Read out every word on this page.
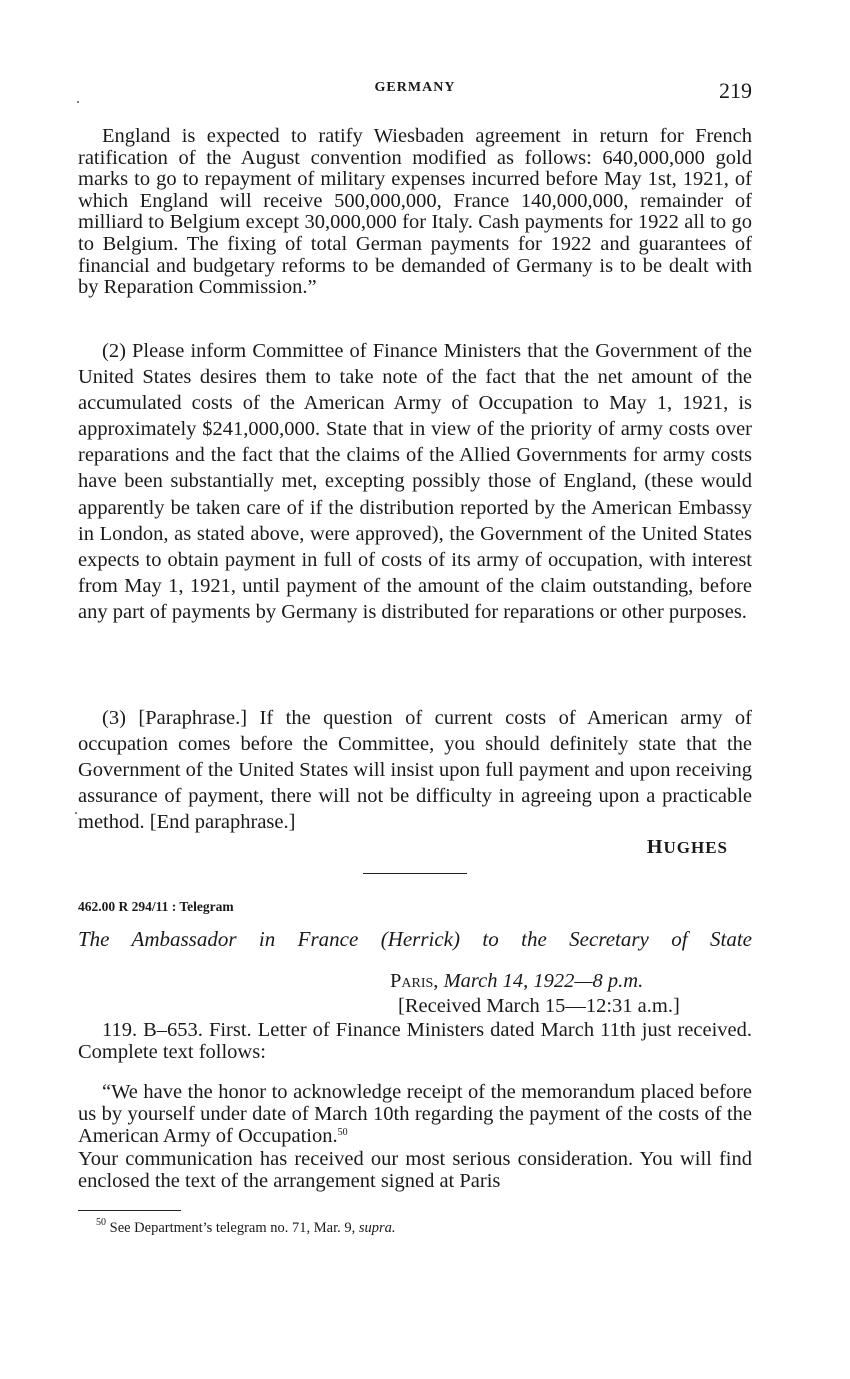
GERMANY	219

England is expected to ratify Wiesbaden agreement in return for French ratification of the August convention modified as follows: 640,000,000 gold marks to go to repayment of military expenses incurred before May 1st, 1921, of which England will receive 500,000,000, France 140,000,000, remainder of milliard to Belgium except 30,000,000 for Italy. Cash payments for 1922 all to go to Belgium. The fixing of total German payments for 1922 and guarantees of financial and budgetary reforms to be demanded of Germany is to be dealt with by Reparation Commission.”

(2) Please inform Committee of Finance Ministers that the Government of the United States desires them to take note of the fact that the net amount of the accumulated costs of the American Army of Occupation to May 1, 1921, is approximately $241,000,000. State that in view of the priority of army costs over reparations and the fact that the claims of the Allied Governments for army costs have been substantially met, excepting possibly those of England, (these would apparently be taken care of if the distribution reported by the American Embassy in London, as stated above, were approved), the Government of the United States expects to obtain payment in full of costs of its army of occupation, with interest from May 1, 1921, until payment of the amount of the claim outstanding, before any part of payments by Germany is distributed for reparations or other purposes.

(3) [Paraphrase.] If the question of current costs of American army of occupation comes before the Committee, you should definitely state that the Government of the United States will insist upon full payment and upon receiving assurance of payment, there will not be difficulty in agreeing upon a practicable method. [End paraphrase.]

HUGHES
462.00 R 294/11 : Telegram
The Ambassador in France (Herrick) to the Secretary of State
Paris, March 14, 1922—8 p.m.
[Received March 15—12:31 a.m.]

119. B–653. First. Letter of Finance Ministers dated March 11th just received. Complete text follows:

“We have the honor to acknowledge receipt of the memorandum placed before us by yourself under date of March 10th regarding the payment of the costs of the American Army of Occupation.$^{50}$
Your communication has received our most serious consideration. You will find enclosed the text of the arrangement signed at Paris

$^{50}$ See Department’s telegram no. 71, Mar. 9, supra.
